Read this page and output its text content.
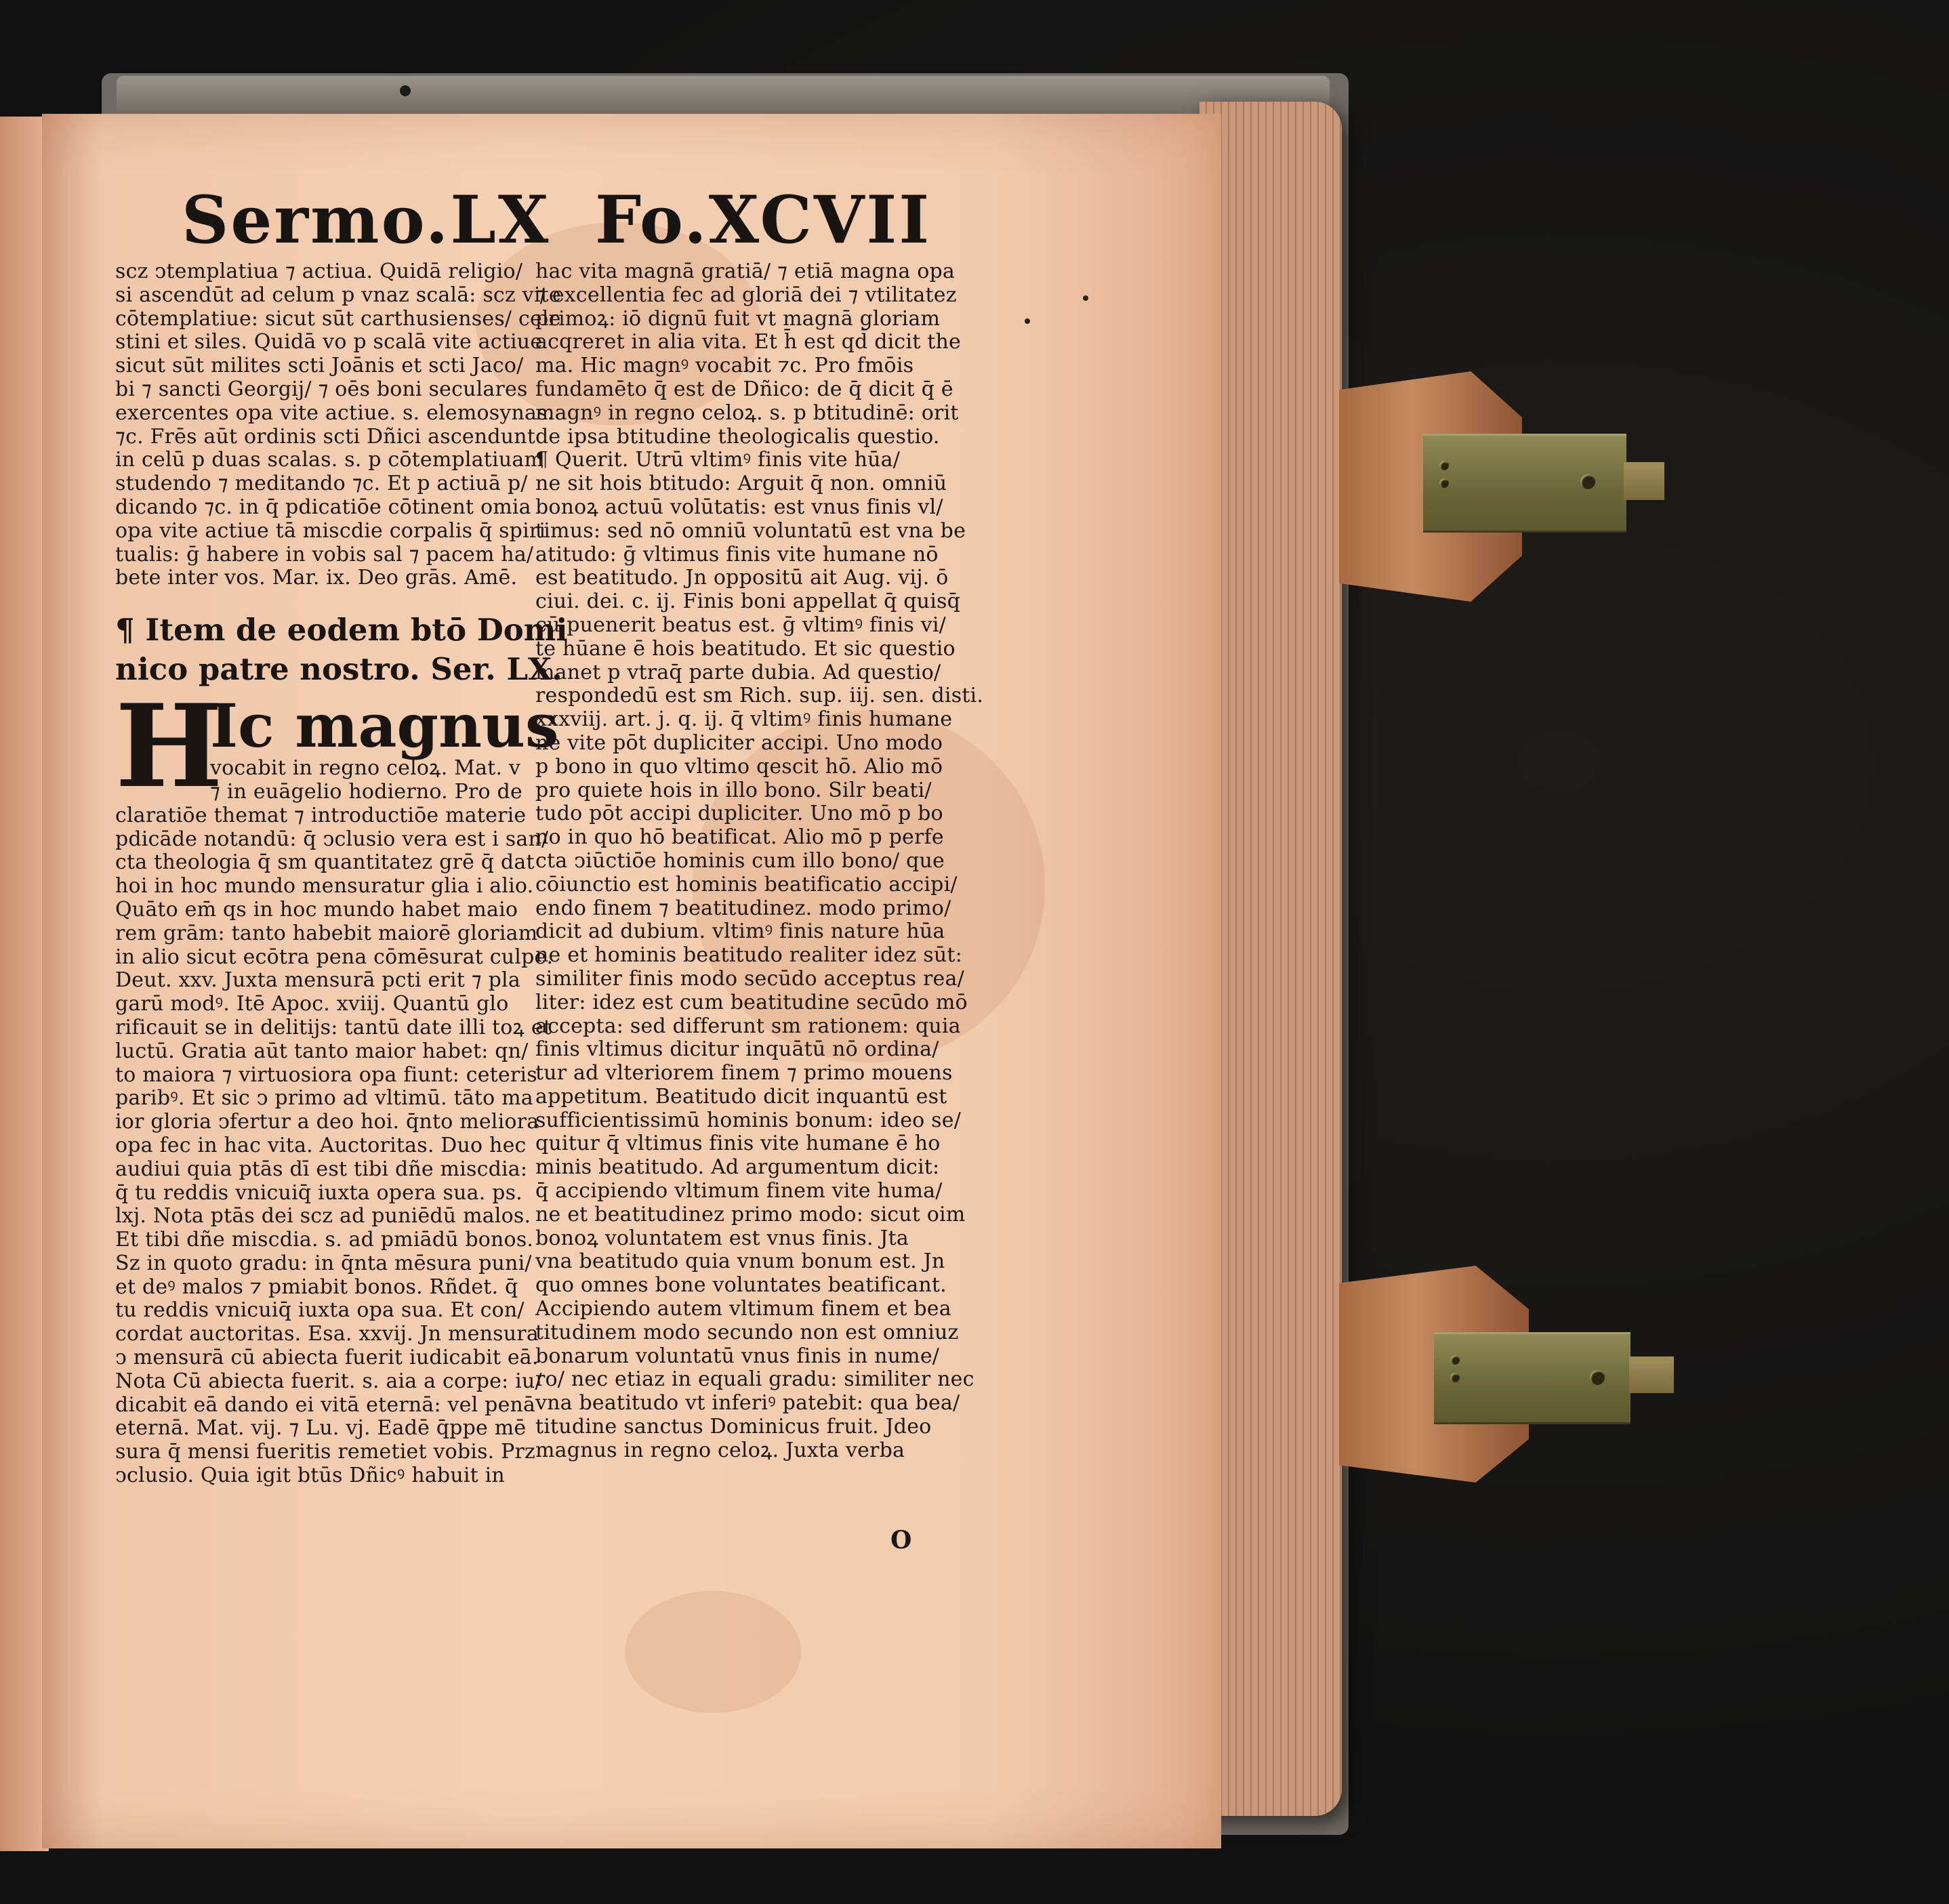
Sermo.LX Fo.XCVII
scz ↄtemplatiua ⁊ actiua. Quidā religio/
si ascendūt ad celum p vnaz scalā: scz vite
cōtemplatiue: sicut sūt carthusienses/ cele
stini et siles. Quidā vo p scalā vite actiue
sicut sūt milites scti Joānis et scti Jaco/
bi ⁊ sancti Georgij/ ⁊ oēs boni seculares
exercentes opa vite actiue. s. elemosynas.
⁊c. Frēs aūt ordinis scti Dñici ascendunt
in celū p duas scalas. s. p cōtemplatiuam
studendo ⁊ meditando ⁊c. Et p actiuā p/
dicando ⁊c. in q̄ pdicatiōe cōtinent omia
opa vite actiue tā miscdie corpalis q̄ spiri
tualis: ḡ habere in vobis sal ⁊ pacem ha/
bete inter vos. Mar. ix. Deo grās. Amē.
¶ Item de eodem btō Domi
nico patre nostro. Ser. LX.
Ic magnus
vocabit in regno celoꝝ. Mat. v
⁊ in euāgelio hodierno. Pro de
claratiōe themat ⁊ introductiōe materie
pdicāde notandū: q̄ ↄclusio vera est i san/
cta theologia q̄ sm quantitatez grē q̄ dat
hoi in hoc mundo mensuratur glia i alio.
Quāto em̄ qs in hoc mundo habet maio
rem grām: tanto habebit maiorē gloriam
in alio sicut ecōtra pena cōmēsurat culpe.
Deut. xxv. Juxta mensurā pcti erit ⁊ pla
garū modꝰ. Itē Apoc. xviij. Quantū glo
rificauit se in delitijs: tantū date illi toꝝ et
luctū. Gratia aūt tanto maior habet: qn/
to maiora ⁊ virtuosiora opa fiunt: ceteris
paribꝰ. Et sic ↄ primo ad vltimū. tāto ma
ior gloria ↄfertur a deo hoi. q̄nto meliora
opa fec in hac vita. Auctoritas. Duo hec
audiui quia ptās dī est tibi dñe miscdia:
q̄ tu reddis vnicuiq̄ iuxta opera sua. ps.
lxj. Nota ptās dei scz ad puniēdū malos.
Et tibi dñe miscdia. s. ad pmiādū bonos.
Sz in quoto gradu: in q̄nta mēsura puni/
et deꝰ malos ⁊ pmiabit bonos. Rñdet. q̄
tu reddis vnicuiq̄ iuxta opa sua. Et con/
cordat auctoritas. Esa. xxvij. Jn mensura
ↄ mensurā cū abiecta fuerit iudicabit eā.
Nota Cū abiecta fuerit. s. aia a corpe: iu/
dicabit eā dando ei vitā eternā: vel penā
eternā. Mat. vij. ⁊ Lu. vj. Eadē q̄ppe mē
sura q̄ mensi fueritis remetiet vobis. Prz
ↄclusio. Quia igit btūs Dñicꝰ habuit in
H
hac vita magnā gratiā/ ⁊ etiā magna opa
⁊ excellentia fec ad gloriā dei ⁊ vtilitatez
primoꝝ: iō dignū fuit vt magnā gloriam
acqreret in alia vita. Et h̄ est qd̄ dicit the
ma. Hic magnꝰ vocabit ⁊c. Pro fmōis
fundamēto q̄ est de Dñico: de q̄ dicit q̄ ē
magnꝰ in regno celoꝝ. s. p btitudinē: orit
de ipsa btitudine theologicalis questio.
¶ Querit. Utrū vltimꝰ finis vite hūa/
ne sit hois btitudo: Arguit q̄ non. omniū
bonoꝝ actuū volūtatis: est vnus finis vl/
timus: sed nō omniū voluntatū est vna be
atitudo: ḡ vltimus finis vite humane nō
est beatitudo. Jn oppositū ait Aug. vij. ō
ciui. dei. c. ij. Finis boni appellat q̄ quisq̄
cū puenerit beatus est. ḡ vltimꝰ finis vi/
te hūane ē hois beatitudo. Et sic questio
manet p vtraq̄ parte dubia. Ad questio/
respondedū est sm Rich. sup. iij. sen. disti.
xxxviij. art. j. q. ij. q̄ vltimꝰ finis humane
ne vite pōt dupliciter accipi. Uno modo
p bono in quo vltimo qescit hō. Alio mō
pro quiete hois in illo bono. Silr beati/
tudo pōt accipi dupliciter. Uno mō p bo
no in quo hō beatificat. Alio mō p perfe
cta ↄiūctiōe hominis cum illo bono/ que
cōiunctio est hominis beatificatio accipi/
endo finem ⁊ beatitudinez. modo primo/
dicit ad dubium. vltimꝰ finis nature hūa
ne et hominis beatitudo realiter idez sūt:
similiter finis modo secūdo acceptus rea/
liter: idez est cum beatitudine secūdo mō
accepta: sed differunt sm rationem: quia
finis vltimus dicitur inquātū nō ordina/
tur ad vlteriorem finem ⁊ primo mouens
appetitum. Beatitudo dicit inquantū est
sufficientissimū hominis bonum: ideo se/
quitur q̄ vltimus finis vite humane ē ho
minis beatitudo. Ad argumentum dicit:
q̄ accipiendo vltimum finem vite huma/
ne et beatitudinez primo modo: sicut oim
bonoꝝ voluntatem est vnus finis. Jta
vna beatitudo quia vnum bonum est. Jn
quo omnes bone voluntates beatificant.
Accipiendo autem vltimum finem et bea
titudinem modo secundo non est omniuz
bonarum voluntatū vnus finis in nume/
ro/ nec etiaz in equali gradu: similiter nec
vna beatitudo vt inferiꝰ patebit: qua bea/
titudine sanctus Dominicus fruit. Jdeo
magnus in regno celoꝝ. Juxta verba
O
